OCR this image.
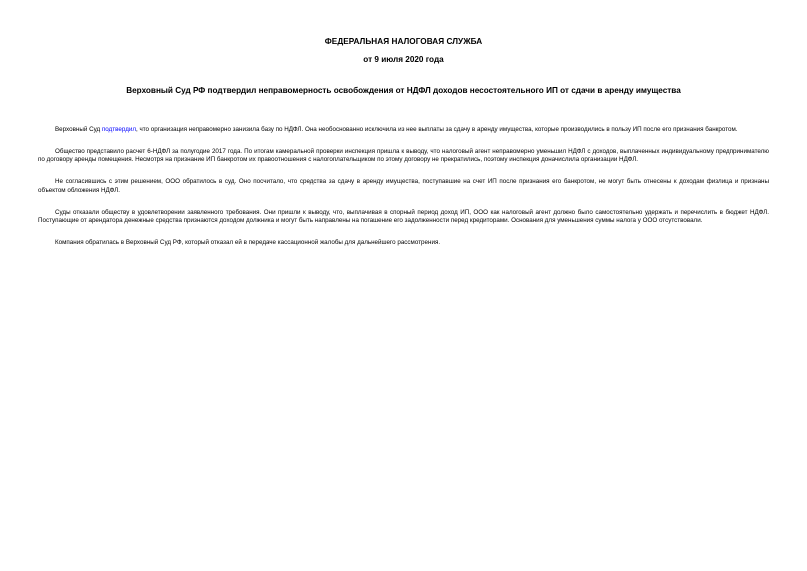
ФЕДЕРАЛЬНАЯ НАЛОГОВАЯ СЛУЖБА
от 9 июля 2020 года
Верховный Суд РФ подтвердил неправомерность освобождения от НДФЛ доходов несостоятельного ИП от сдачи в аренду имущества

Верховный Суд подтвердил, что организация неправомерно занизила базу по НДФЛ. Она необоснованно исключила из нее выплаты за сдачу в аренду имущества, которые производились в пользу ИП после его признания банкротом.

Общество представило расчет 6-НДФЛ за полугодие 2017 года. По итогам камеральной проверки инспекция пришла к выводу, что налоговый агент неправомерно уменьшил НДФЛ с доходов, выплаченных индивидуальному предпринимателю по договору аренды помещения. Несмотря на признание ИП банкротом их правоотношения с налогоплательщиком по этому договору не прекратились, поэтому инспекция доначислила организации НДФЛ.

Не согласившись с этим решением, ООО обратилось в суд. Оно посчитало, что средства за сдачу в аренду имущества, поступавшие на счет ИП после признания его банкротом, не могут быть отнесены к доходам физлица и признаны объектом обложения НДФЛ.

Суды отказали обществу в удовлетворении заявленного требования. Они пришли к выводу, что, выплачивая в спорный период доход ИП, ООО как налоговый агент должно было самостоятельно удержать и перечислить в бюджет НДФЛ. Поступающие от арендатора денежные средства признаются доходом должника и могут быть направлены на погашение его задолженности перед кредиторами. Основания для уменьшения суммы налога у ООО отсутствовали.

Компания обратилась в Верховный Суд РФ, который отказал ей в передаче кассационной жалобы для дальнейшего рассмотрения.
